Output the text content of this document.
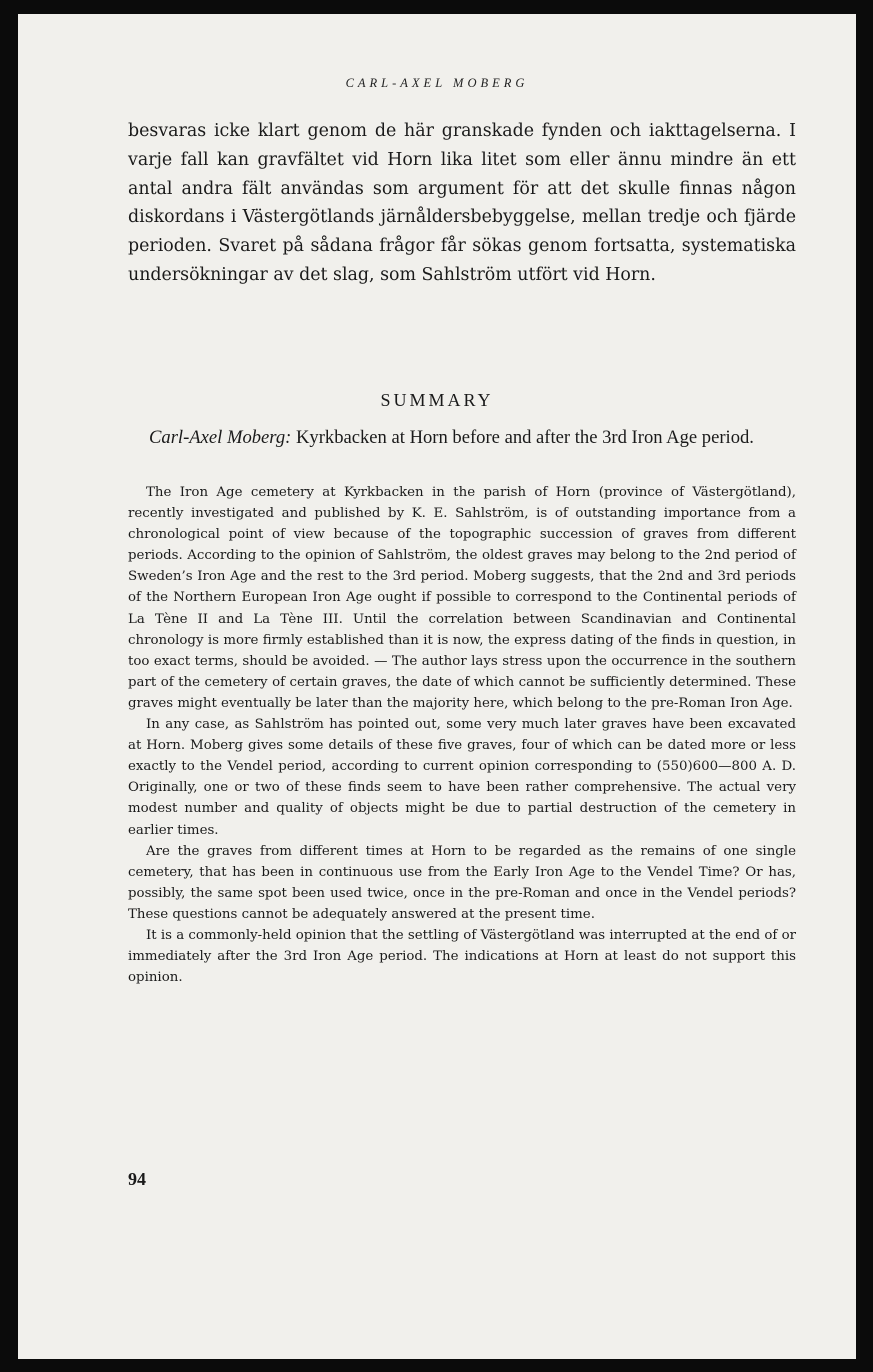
CARL-AXEL MOBERG

besvaras icke klart genom de här granskade fynden och iakttagelserna. I varje fall kan gravfältet vid Horn lika litet som eller ännu mindre än ett antal andra fält användas som argument för att det skulle finnas någon diskordans i Västergötlands järnåldersbebyggelse, mellan tredje och fjärde perioden. Svaret på sådana frågor får sökas genom fortsatta, systematiska undersökningar av det slag, som Sahlström utfört vid Horn.

SUMMARY
Carl-Axel Moberg: Kyrkbacken at Horn before and after the 3rd Iron Age period.

The Iron Age cemetery at Kyrkbacken in the parish of Horn (province of Västergötland), recently investigated and published by K. E. Sahlström, is of outstanding importance from a chronological point of view because of the topographic succession of graves from different periods. According to the opinion of Sahlström, the oldest graves may belong to the 2nd period of Sweden’s Iron Age and the rest to the 3rd period. Moberg suggests, that the 2nd and 3rd periods of the Northern European Iron Age ought if possible to correspond to the Continental periods of La Tène II and La Tène III. Until the correlation between Scandinavian and Continental chronology is more firmly established than it is now, the express dating of the finds in question, in too exact terms, should be avoided. — The author lays stress upon the occurrence in the southern part of the cemetery of certain graves, the date of which cannot be sufficiently determined. These graves might eventually be later than the majority here, which belong to the pre-Roman Iron Age.

In any case, as Sahlström has pointed out, some very much later graves have been excavated at Horn. Moberg gives some details of these five graves, four of which can be dated more or less exactly to the Vendel period, according to current opinion corresponding to (550)600—800 A. D. Originally, one or two of these finds seem to have been rather comprehensive. The actual very modest number and quality of objects might be due to partial destruction of the cemetery in earlier times.

Are the graves from different times at Horn to be regarded as the remains of one single cemetery, that has been in continuous use from the Early Iron Age to the Vendel Time? Or has, possibly, the same spot been used twice, once in the pre-Roman and once in the Vendel periods? These questions cannot be adequately answered at the present time.

It is a commonly-held opinion that the settling of Västergötland was interrupted at the end of or immediately after the 3rd Iron Age period. The indications at Horn at least do not support this opinion.

94
